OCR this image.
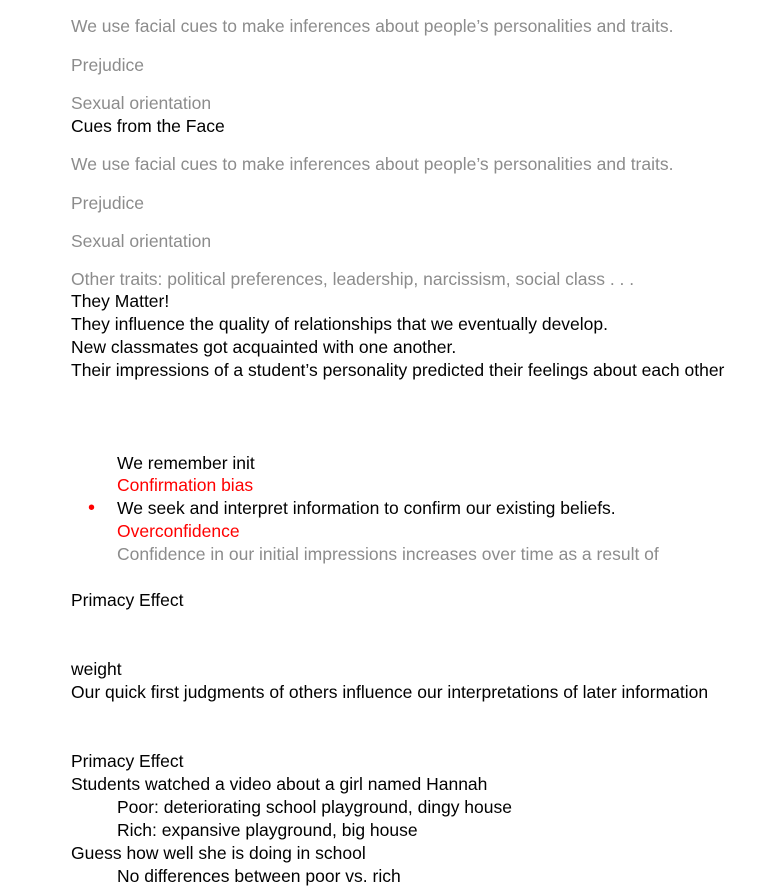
We use facial cues to make inferences about people’s personalities and traits.
Prejudice
Sexual orientation
Cues from the Face
We use facial cues to make inferences about people’s personalities and traits.
Prejudice
Sexual orientation
Other traits: political preferences, leadership, narcissism, social class . . .
They Matter!
They influence the quality of relationships that we eventually develop.
New classmates got acquainted with one another.
Their impressions of a student’s personality predicted their feelings about each other
We remember init
Confirmation bias
• We seek and interpret information to confirm our existing beliefs.
Overconfidence
Confidence in our initial impressions increases over time as a result of
Primacy Effect
weight
Our quick first judgments of others influence our interpretations of later information
Primacy Effect
Students watched a video about a girl named Hannah
Poor: deteriorating school playground, dingy house
Rich: expansive playground, big house
Guess how well she is doing in school
No differences between poor vs. rich
